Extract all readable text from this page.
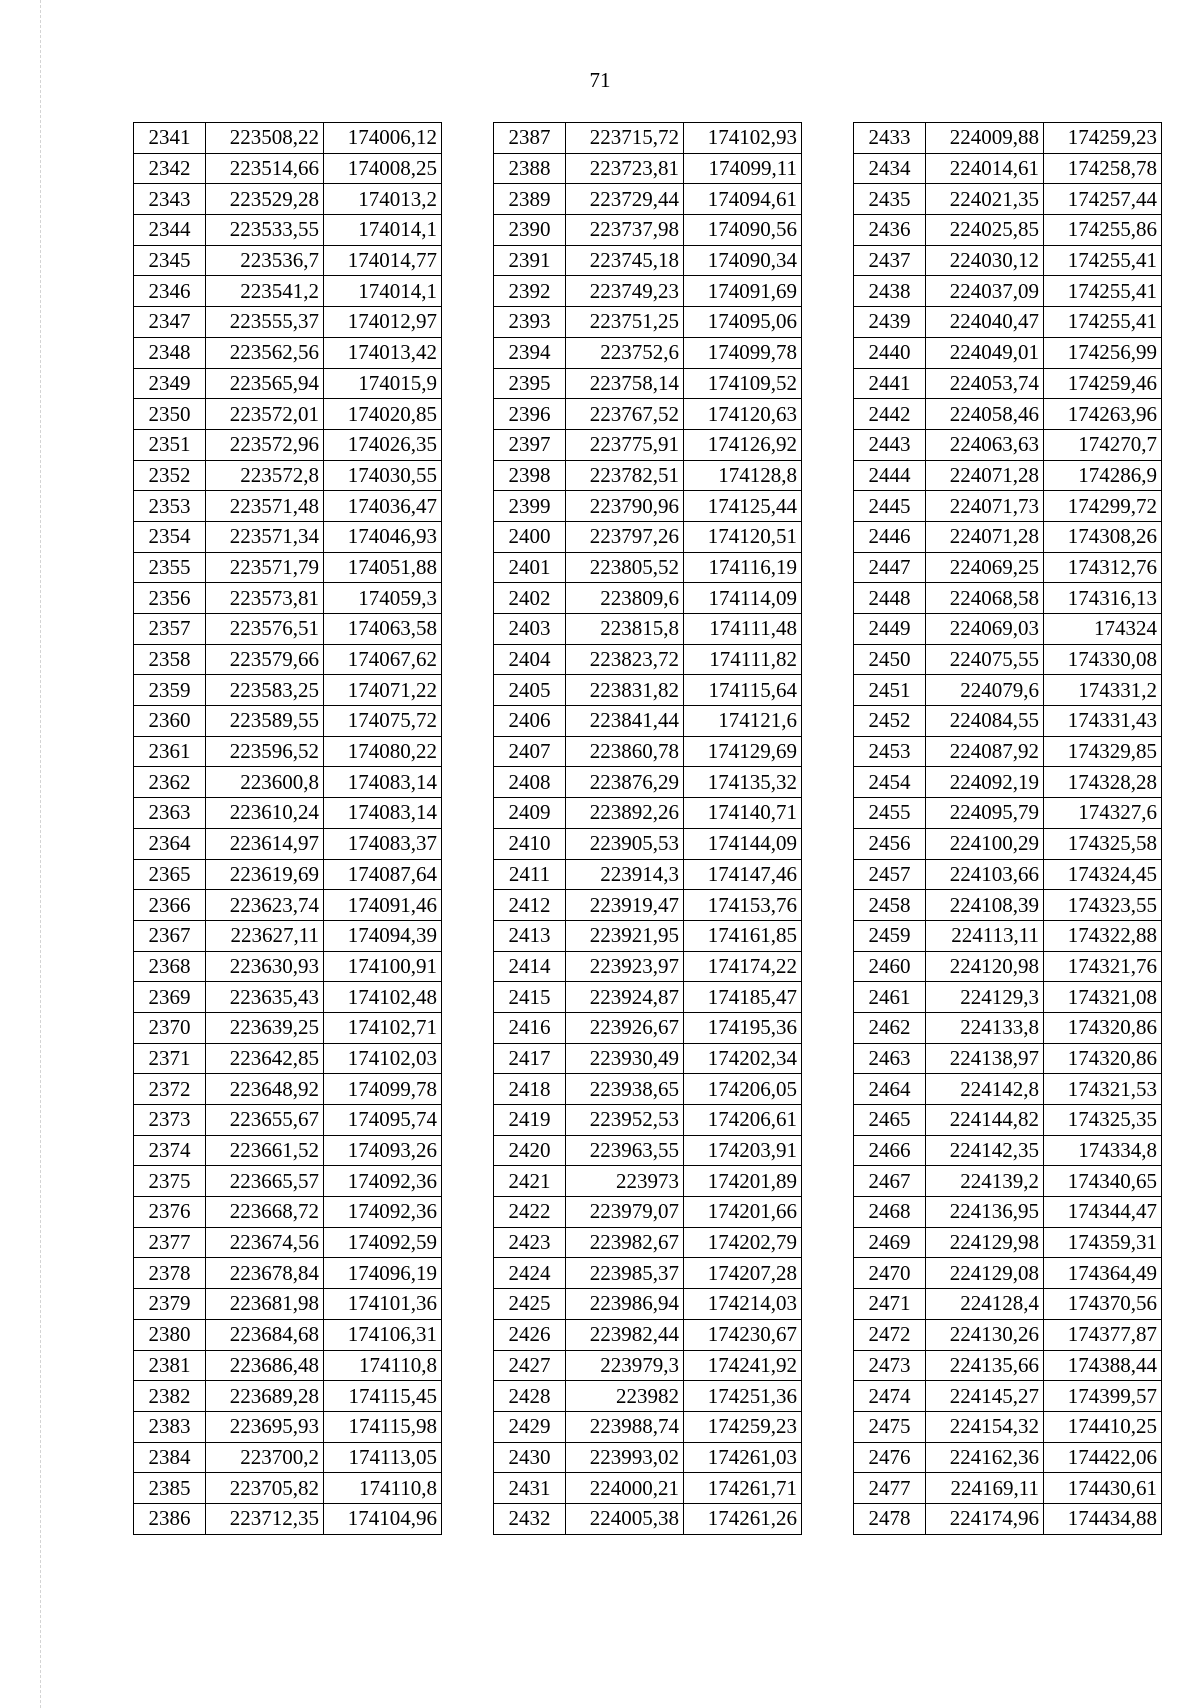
71
2341	223508,22	174006,12
2342	223514,66	174008,25
2343	223529,28	174013,2
2344	223533,55	174014,1
2345	223536,7	174014,77
2346	223541,2	174014,1
2347	223555,37	174012,97
2348	223562,56	174013,42
2349	223565,94	174015,9
2350	223572,01	174020,85
2351	223572,96	174026,35
2352	223572,8	174030,55
2353	223571,48	174036,47
2354	223571,34	174046,93
2355	223571,79	174051,88
2356	223573,81	174059,3
2357	223576,51	174063,58
2358	223579,66	174067,62
2359	223583,25	174071,22
2360	223589,55	174075,72
2361	223596,52	174080,22
2362	223600,8	174083,14
2363	223610,24	174083,14
2364	223614,97	174083,37
2365	223619,69	174087,64
2366	223623,74	174091,46
2367	223627,11	174094,39
2368	223630,93	174100,91
2369	223635,43	174102,48
2370	223639,25	174102,71
2371	223642,85	174102,03
2372	223648,92	174099,78
2373	223655,67	174095,74
2374	223661,52	174093,26
2375	223665,57	174092,36
2376	223668,72	174092,36
2377	223674,56	174092,59
2378	223678,84	174096,19
2379	223681,98	174101,36
2380	223684,68	174106,31
2381	223686,48	174110,8
2382	223689,28	174115,45
2383	223695,93	174115,98
2384	223700,2	174113,05
2385	223705,82	174110,8
2386	223712,35	174104,96
2387	223715,72	174102,93
2388	223723,81	174099,11
2389	223729,44	174094,61
2390	223737,98	174090,56
2391	223745,18	174090,34
2392	223749,23	174091,69
2393	223751,25	174095,06
2394	223752,6	174099,78
2395	223758,14	174109,52
2396	223767,52	174120,63
2397	223775,91	174126,92
2398	223782,51	174128,8
2399	223790,96	174125,44
2400	223797,26	174120,51
2401	223805,52	174116,19
2402	223809,6	174114,09
2403	223815,8	174111,48
2404	223823,72	174111,82
2405	223831,82	174115,64
2406	223841,44	174121,6
2407	223860,78	174129,69
2408	223876,29	174135,32
2409	223892,26	174140,71
2410	223905,53	174144,09
2411	223914,3	174147,46
2412	223919,47	174153,76
2413	223921,95	174161,85
2414	223923,97	174174,22
2415	223924,87	174185,47
2416	223926,67	174195,36
2417	223930,49	174202,34
2418	223938,65	174206,05
2419	223952,53	174206,61
2420	223963,55	174203,91
2421	223973	174201,89
2422	223979,07	174201,66
2423	223982,67	174202,79
2424	223985,37	174207,28
2425	223986,94	174214,03
2426	223982,44	174230,67
2427	223979,3	174241,92
2428	223982	174251,36
2429	223988,74	174259,23
2430	223993,02	174261,03
2431	224000,21	174261,71
2432	224005,38	174261,26
2433	224009,88	174259,23
2434	224014,61	174258,78
2435	224021,35	174257,44
2436	224025,85	174255,86
2437	224030,12	174255,41
2438	224037,09	174255,41
2439	224040,47	174255,41
2440	224049,01	174256,99
2441	224053,74	174259,46
2442	224058,46	174263,96
2443	224063,63	174270,7
2444	224071,28	174286,9
2445	224071,73	174299,72
2446	224071,28	174308,26
2447	224069,25	174312,76
2448	224068,58	174316,13
2449	224069,03	174324
2450	224075,55	174330,08
2451	224079,6	174331,2
2452	224084,55	174331,43
2453	224087,92	174329,85
2454	224092,19	174328,28
2455	224095,79	174327,6
2456	224100,29	174325,58
2457	224103,66	174324,45
2458	224108,39	174323,55
2459	224113,11	174322,88
2460	224120,98	174321,76
2461	224129,3	174321,08
2462	224133,8	174320,86
2463	224138,97	174320,86
2464	224142,8	174321,53
2465	224144,82	174325,35
2466	224142,35	174334,8
2467	224139,2	174340,65
2468	224136,95	174344,47
2469	224129,98	174359,31
2470	224129,08	174364,49
2471	224128,4	174370,56
2472	224130,26	174377,87
2473	224135,66	174388,44
2474	224145,27	174399,57
2475	224154,32	174410,25
2476	224162,36	174422,06
2477	224169,11	174430,61
2478	224174,96	174434,88
